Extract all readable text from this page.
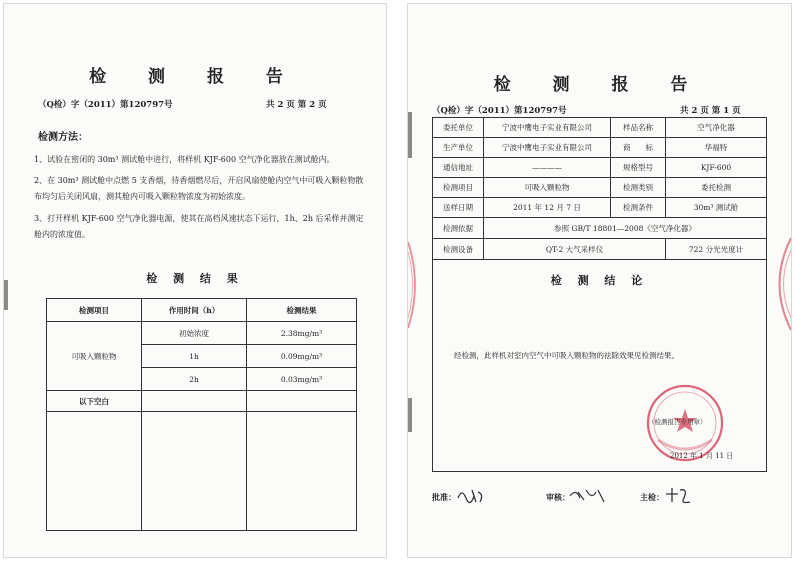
检 测 报 告
（Q检）字（2011）第120797号	共 2 页 第 2 页
检测方法：
1、试验在密闭的 30m³ 测试舱中进行，将样机 KJF-600 空气净化器放在测试舱内。
2、在 30m³ 测试舱中点燃 5 支香烟，待香烟燃尽后，开启风扇使舱内空气中可吸入颗粒物散布均匀后关闭风扇，测其舱内可吸入颗粒物浓度为初始浓度。
3、打开样机 KJF-600 空气净化器电源，使其在高档风速状态下运行，1h、2h 后采样并测定舱内的浓度值。
检 测 结 果
检测项目	作用时间（h）	检测结果
可吸入颗粒物	初始浓度	2.38mg/m³
	1h	0.09mg/m³
	2h	0.03mg/m³
以下空白		

检 测 报 告
（Q检）字（2011）第120797号	共 2 页 第 1 页
委托单位	宁波中鹰电子实业有限公司	样品名称	空气净化器
生产单位	宁波中鹰电子实业有限公司	商　　标	华福特
通信地址	————	规格型号	KJF-600
检测项目	可吸入颗粒物	检测类别	委托检测
送样日期	2011 年 12 月 7 日	检测条件	30m³ 测试舱
检测依据	参照 GB/T 18801—2008《空气净化器》		
检测设备	QT-2 大气采样仪		722 分光光度计
检 测 结 论			
经检测，此样机对室内空气中可吸入颗粒物的祛除效果见检测结果。
（检测报告专用章）
2012 年 1 月 11 日
批准：	审核：	主检：
